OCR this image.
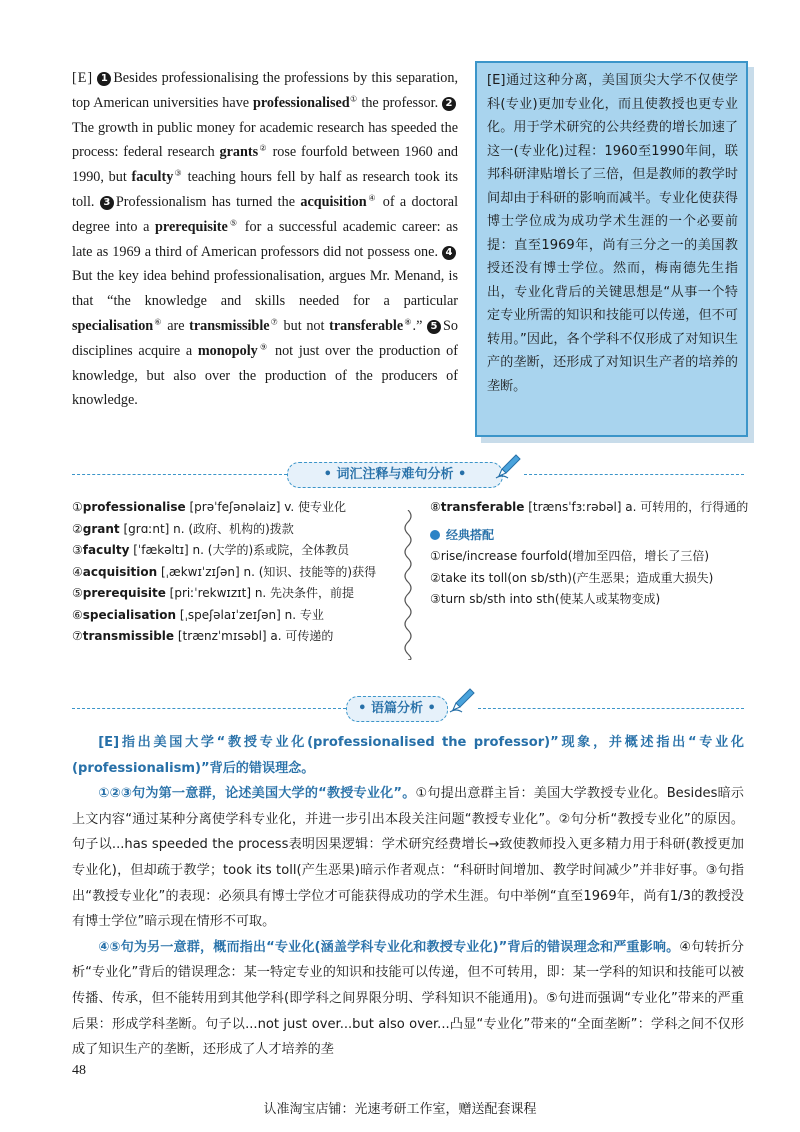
[E] 1 Besides professionalising the professions by this separation, top American universities have professionalised① the professor. 2The growth in public money for academic research has speeded the process: federal research grants② rose fourfold between 1960 and 1990, but faculty③ teaching hours fell by half as research took its toll. 3 Professionalism has turned the acquisition④ of a doctoral degree into a prerequisite⑤ for a successful academic career: as late as 1969 a third of American professors did not possess one. 4But the key idea behind professionalisation, argues Mr. Menand, is that “the knowledge and skills needed for a particular specialisation⑥ are transmissible⑦ but not transferable⑧.” 5 So disciplines acquire a monopoly⑨ not just over the production of knowledge, but also over the production of the producers of knowledge.
[E]通过这种分离，美国顶尖大学不仅使学科(专业)更加专业化，而且使教授也更专业化。用于学术研究的公共经费的增长加速了这一(专业化)过程：1960至1990年间，联邦科研津贴增长了三倍，但是教师的教学时间却由于科研的影响而减半。专业化使获得博士学位成为成功学术生涯的一个必要前提：直至1969年，尚有三分之一的美国教授还没有博士学位。然而，梅南德先生指出，专业化背后的关键思想是“从事一个特定专业所需的知识和技能可以传递，但不可转用。”因此，各个学科不仅形成了对知识生产的垄断，还形成了对知识生产者的培养的垄断。
• 词汇注释与难句分析 •
①professionalise [prəˈfeʃənəlaiz] v. 使专业化
②grant [grɑːnt] n. (政府、机构的)拨款
③faculty [ˈfækəltɪ] n. (大学的)系或院，全体教员
④acquisition [ˌækwɪˈzɪʃən] n. (知识、技能等的)获得
⑤prerequisite [priːˈrekwɪzɪt] n. 先决条件，前提
⑥specialisation [ˌspeʃəlaɪˈzeɪʃən] n. 专业
⑦transmissible [trænzˈmɪsəbl] a. 可传递的
⑧transferable [trænsˈfɜːrəbəl] a. 可转用的，行得通的
经典搭配
①rise/increase fourfold(增加至四倍，增长了三倍)
②take its toll(on sb/sth)(产生恶果；造成重大损失)
③turn sb/sth into sth(使某人或某物变成)
• 语篇分析 •

[E]指出美国大学“教授专业化(professionalised the professor)”现象，并概述指出“专业化(professionalism)”背后的错误理念。

①②③句为第一意群，论述美国大学的“教授专业化”。①句提出意群主旨：美国大学教授专业化。Besides暗示上文内容“通过某种分离使学科专业化，并进一步引出本段关注问题“教授专业化”。②句分析“教授专业化”的原因。句子以...has speeded the process表明因果逻辑：学术研究经费增长→致使教师投入更多精力用于科研(教授更加专业化)，但却疏于教学；took its toll(产生恶果)暗示作者观点：“科研时间增加、教学时间减少”并非好事。③句指出“教授专业化”的表现：必须具有博士学位才可能获得成功的学术生涯。句中举例“直至1969年，尚有1/3的教授没有博士学位”暗示现在情形不可取。

④⑤句为另一意群，概而指出“专业化(涵盖学科专业化和教授专业化)”背后的错误理念和严重影响。④句转折分析“专业化”背后的错误理念：某一特定专业的知识和技能可以传递，但不可转用，即：某一学科的知识和技能可以被传播、传承，但不能转用到其他学科(即学科之间界限分明、学科知识不能通用)。⑤句进而强调“专业化”带来的严重后果：形成学科垄断。句子以...not just over...but also over...凸显“专业化”带来的“全面垄断”：学科之间不仅形成了知识生产的垄断，还形成了人才培养的垄

48
认准淘宝店铺：光速考研工作室，赠送配套课程
